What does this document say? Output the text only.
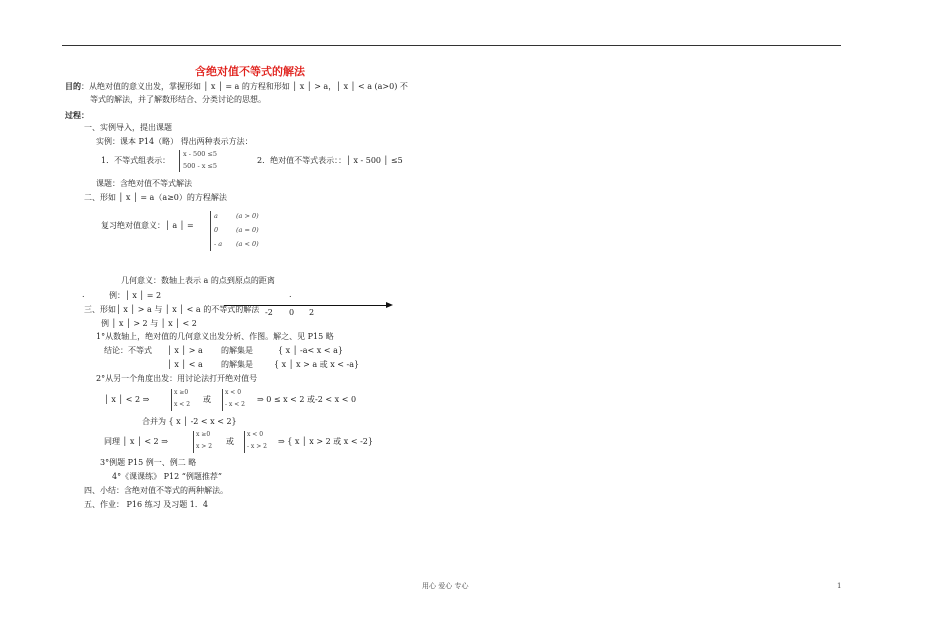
含绝对值不等式的解法
目的：从绝对值的意义出发，掌握形如 │ x │ = a 的方程和形如 │ x │ > a，│ x │ < a (a>0) 不
等式的解法，并了解数形结合、分类讨论的思想。
过程：
一、实例导入，提出课题
实例：课本 P14（略） 得出两种表示方法：
1．不等式组表示：
x - 500 ≤5
500 - x ≤5
2．绝对值不等式表示：：│ x - 500 │ ≤5
课题：含绝对值不等式解法
二、形如 │ x │ = a（a≥0）的方程解法
复习绝对值意义：│ a │ =
a	(a > 0)
0	(a = 0)
- a (a < 0)
几何意义：数轴上表示 a 的点到原点的距离
.	例：│ x │ = 2	.
-2 0 2
三、形如│ x │ > a 与 │ x │ < a 的不等式的解法
例 │ x │ > 2 与 │ x │ < 2
1°从数轴上，绝对值的几何意义出发分析、作图。解之、见 P15 略
结论：不等式 │ x │ > a 的解集是	{ x │ -a< x < a}
│ x │ < a 的解集是	{ x │ x > a 或 x < -a}
2°从另一个角度出发：用讨论法打开绝对值号
│ x │ < 2 ⇒
x ≥0
x < 2
或
x < 0
- x < 2
⇒ 0 ≤ x < 2 或-2 < x < 0
合并为 { x │ -2 < x < 2}
同理 │ x │ < 2 ⇒
x ≥0
x > 2
或
x < 0
- x > 2
⇒ { x │ x > 2 或 x < -2}
3°例题 P15 例一、例二 略
4°《课课练》 P12 “例题推荐”
四、小结：含绝对值不等式的两种解法。
五、作业： P16 练习 及习题 1．4
用心 爱心 专心	1
